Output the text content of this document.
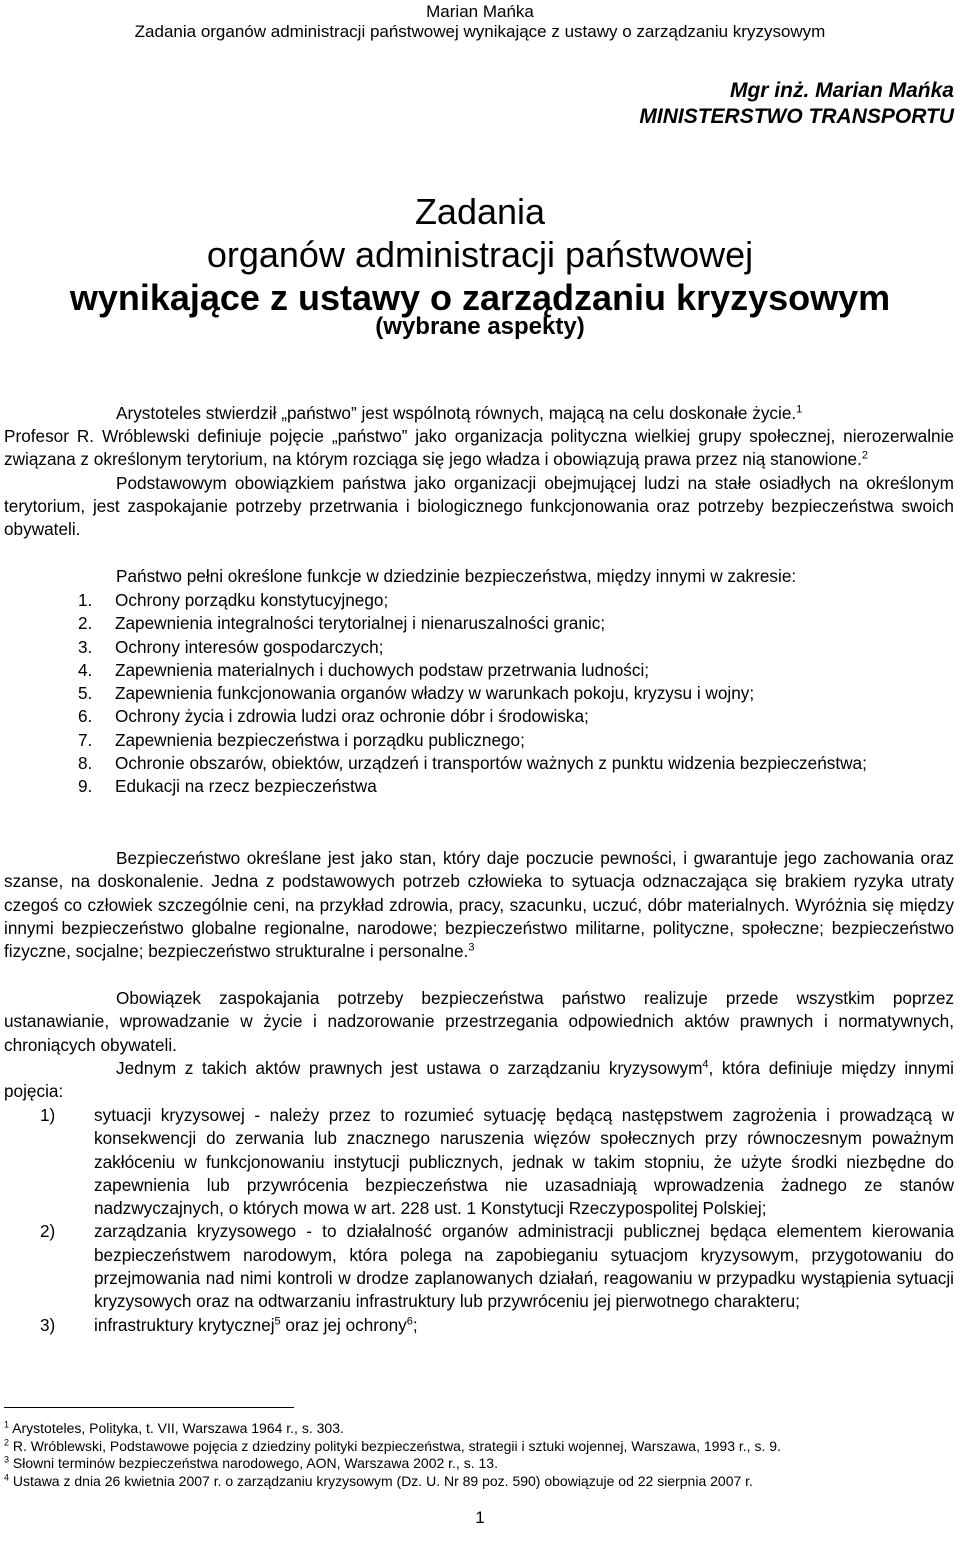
Marian Mańka
Zadania organów administracji państwowej wynikające z ustawy o zarządzaniu kryzysowym
Mgr inż. Marian Mańka
MINISTERSTWO TRANSPORTU
Zadania
organów administracji państwowej
wynikające z ustawy o zarządzaniu kryzysowym
(wybrane aspekty)
Arystoteles stwierdził „państwo” jest wspólnotą równych, mającą na celu doskonałe życie.$^1$
Profesor R. Wróblewski definiuje pojęcie „państwo” jako organizacja polityczna wielkiej grupy społecznej, nierozerwalnie związana z określonym terytorium, na którym rozciąga się jego władza i obowiązują prawa przez nią stanowione.$^2$
Podstawowym obowiązkiem państwa jako organizacji obejmującej ludzi na stałe osiadłych na określonym terytorium, jest zaspokajanie potrzeby przetrwania i biologicznego funkcjonowania oraz potrzeby bezpieczeństwa swoich obywateli.
Państwo pełni określone funkcje w dziedzinie bezpieczeństwa, między innymi w zakresie:
1.	Ochrony porządku konstytucyjnego;
2.	Zapewnienia integralności terytorialnej i nienaruszalności granic;
3.	Ochrony interesów gospodarczych;
4.	Zapewnienia materialnych i duchowych podstaw przetrwania ludności;
5.	Zapewnienia funkcjonowania organów władzy w warunkach pokoju, kryzysu i wojny;
6.	Ochrony życia i zdrowia ludzi oraz ochronie dóbr i środowiska;
7.	Zapewnienia bezpieczeństwa i porządku publicznego;
8.	Ochronie obszarów, obiektów, urządzeń i transportów ważnych z punktu widzenia bezpieczeństwa;
9.	Edukacji na rzecz bezpieczeństwa
Bezpieczeństwo określane jest jako stan, który daje poczucie pewności, i gwarantuje jego zachowania oraz szanse, na doskonalenie. Jedna z podstawowych potrzeb człowieka to sytuacja odznaczająca się brakiem ryzyka utraty czegoś co człowiek szczególnie ceni, na przykład zdrowia, pracy, szacunku, uczuć, dóbr materialnych. Wyróżnia się między innymi bezpieczeństwo globalne regionalne, narodowe; bezpieczeństwo militarne, polityczne, społeczne; bezpieczeństwo fizyczne, socjalne; bezpieczeństwo strukturalne i personalne.$^3$
Obowiązek zaspokajania potrzeby bezpieczeństwa państwo realizuje przede wszystkim poprzez ustanawianie, wprowadzanie w życie i nadzorowanie przestrzegania odpowiednich aktów prawnych i normatywnych, chroniących obywateli.
Jednym z takich aktów prawnych jest ustawa o zarządzaniu kryzysowym$^4$, która definiuje między innymi pojęcia:
1)	sytuacji kryzysowej - należy przez to rozumieć sytuację będącą następstwem zagrożenia i prowadzącą w konsekwencji do zerwania lub znacznego naruszenia więzów społecznych przy równoczesnym poważnym zakłóceniu w funkcjonowaniu instytucji publicznych, jednak w takim stopniu, że użyte środki niezbędne do zapewnienia lub przywrócenia bezpieczeństwa nie uzasadniają wprowadzenia żadnego ze stanów nadzwyczajnych, o których mowa w art. 228 ust. 1 Konstytucji Rzeczypospolitej Polskiej;
2)	zarządzania kryzysowego - to działalność organów administracji publicznej będąca elementem kierowania bezpieczeństwem narodowym, która polega na zapobieganiu sytuacjom kryzysowym, przygotowaniu do przejmowania nad nimi kontroli w drodze zaplanowanych działań, reagowaniu w przypadku wystąpienia sytuacji kryzysowych oraz na odtwarzaniu infrastruktury lub przywróceniu jej pierwotnego charakteru;
3)	infrastruktury krytycznej$^5$ oraz jej ochrony$^6$;
$^1$ Arystoteles, Polityka, t. VII, Warszawa 1964 r., s. 303.
$^2$ R. Wróblewski, Podstawowe pojęcia z dziedziny polityki bezpieczeństwa, strategii i sztuki wojennej, Warszawa, 1993 r., s. 9.
$^3$ Słowni terminów bezpieczeństwa narodowego, AON, Warszawa 2002 r., s. 13.
$^4$ Ustawa z dnia 26 kwietnia 2007 r. o zarządzaniu kryzysowym (Dz. U. Nr 89 poz. 590) obowiązuje od 22 sierpnia 2007 r.
1
